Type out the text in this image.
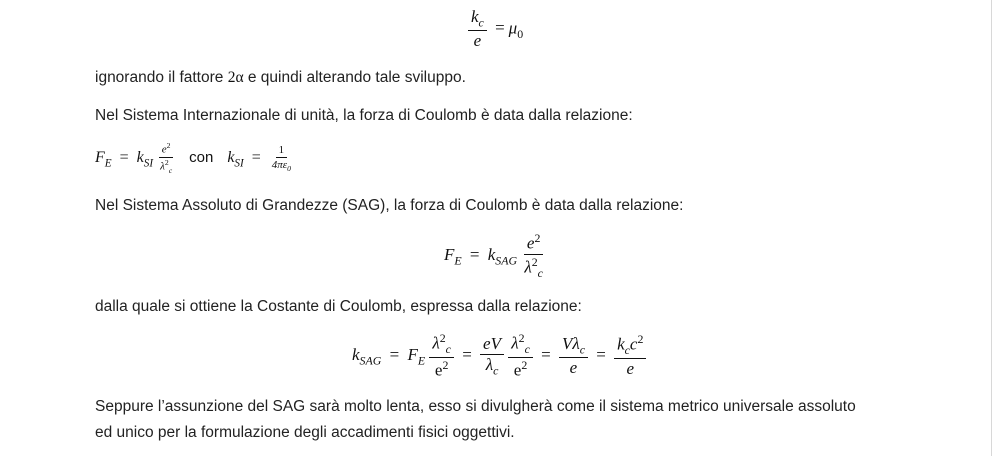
$\frac{k_c}{e} = \mu_0$
ignorando il fattore 2α e quindi alterando tale sviluppo.
Nel Sistema Internazionale di unità, la forza di Coulomb è data dalla relazione:
$F_E = k_{SI} \frac{e^2}{\lambda^2_c}$ con $k_{SI} = \frac{1}{4\pi\varepsilon_0}$
Nel Sistema Assoluto di Grandezze (SAG), la forza di Coulomb è data dalla relazione:
$F_E = k_{SAG} \frac{e^2}{\lambda^2_c}$
dalla quale si ottiene la Costante di Coulomb, espressa dalla relazione:
$k_{SAG} = F_E \frac{\lambda^2_c}{e^2} = \frac{eV}{\lambda_c}$
$\frac{\lambda^2_c}{e^2} = \frac{V\lambda_c}{e} = \frac{k_cc^2}{e}$
Seppure l’assunzione del SAG sarà molto lenta, esso si divulgherà come il sistema metrico universale assoluto
ed unico per la formulazione degli accadimenti fisici oggettivi.
